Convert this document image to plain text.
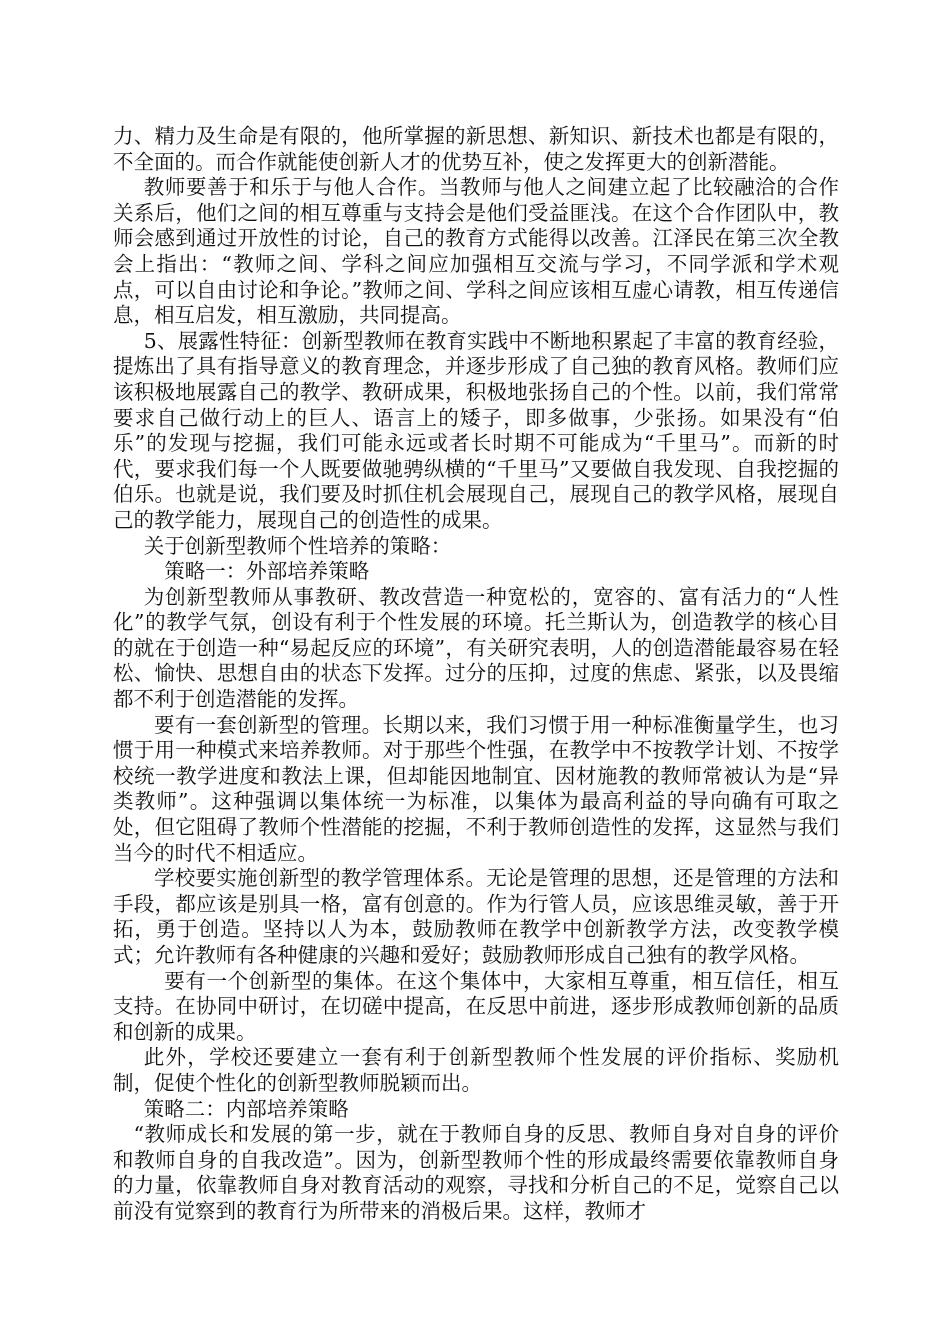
力、精力及生命是有限的，他所掌握的新思想、新知识、新技术也都是有限的，不全面的。而合作就能使创新人才的优势互补，使之发挥更大的创新潜能。

教师要善于和乐于与他人合作。当教师与他人之间建立起了比较融洽的合作关系后，他们之间的相互尊重与支持会是他们受益匪浅。在这个合作团队中，教师会感到通过开放性的讨论，自己的教育方式能得以改善。江泽民在第三次全教会上指出：“教师之间、学科之间应加强相互交流与学习，不同学派和学术观点，可以自由讨论和争论。”教师之间、学科之间应该相互虚心请教，相互传递信息，相互启发，相互激励，共同提高。

5、展露性特征：创新型教师在教育实践中不断地积累起了丰富的教育经验，提炼出了具有指导意义的教育理念，并逐步形成了自己独的教育风格。教师们应该积极地展露自己的教学、教研成果，积极地张扬自己的个性。以前，我们常常要求自己做行动上的巨人、语言上的矮子，即多做事，少张扬。如果没有“伯乐”的发现与挖掘，我们可能永远或者长时期不可能成为“千里马”。而新的时代，要求我们每一个人既要做驰骋纵横的“千里马”又要做自我发现、自我挖掘的伯乐。也就是说，我们要及时抓住机会展现自己，展现自己的教学风格，展现自己的教学能力，展现自己的创造性的成果。

关于创新型教师个性培养的策略：

策略一：外部培养策略

为创新型教师从事教研、教改营造一种宽松的，宽容的、富有活力的“人性化”的教学气氛，创设有利于个性发展的环境。托兰斯认为，创造教学的核心目的就在于创造一种“易起反应的环境”，有关研究表明，人的创造潜能最容易在轻松、愉快、思想自由的状态下发挥。过分的压抑，过度的焦虑、紧张，以及畏缩都不利于创造潜能的发挥。

要有一套创新型的管理。长期以来，我们习惯于用一种标准衡量学生，也习惯于用一种模式来培养教师。对于那些个性强，在教学中不按教学计划、不按学校统一教学进度和教法上课，但却能因地制宜、因材施教的教师常被认为是“异类教师”。这种强调以集体统一为标准，以集体为最高利益的导向确有可取之处，但它阻碍了教师个性潜能的挖掘，不利于教师创造性的发挥，这显然与我们当今的时代不相适应。

学校要实施创新型的教学管理体系。无论是管理的思想，还是管理的方法和手段，都应该是别具一格，富有创意的。作为行管人员，应该思维灵敏，善于开拓，勇于创造。坚持以人为本，鼓励教师在教学中创新教学方法，改变教学模式；允许教师有各种健康的兴趣和爱好；鼓励教师形成自己独有的教学风格。

要有一个创新型的集体。在这个集体中，大家相互尊重，相互信任，相互支持。在协同中研讨，在切磋中提高，在反思中前进，逐步形成教师创新的品质和创新的成果。

此外，学校还要建立一套有利于创新型教师个性发展的评价指标、奖励机制，促使个性化的创新型教师脱颖而出。

策略二：内部培养策略

“教师成长和发展的第一步，就在于教师自身的反思、教师自身对自身的评价和教师自身的自我改造”。因为，创新型教师个性的形成最终需要依靠教师自身的力量，依靠教师自身对教育活动的观察，寻找和分析自己的不足，觉察自己以前没有觉察到的教育行为所带来的消极后果。这样，教师才
